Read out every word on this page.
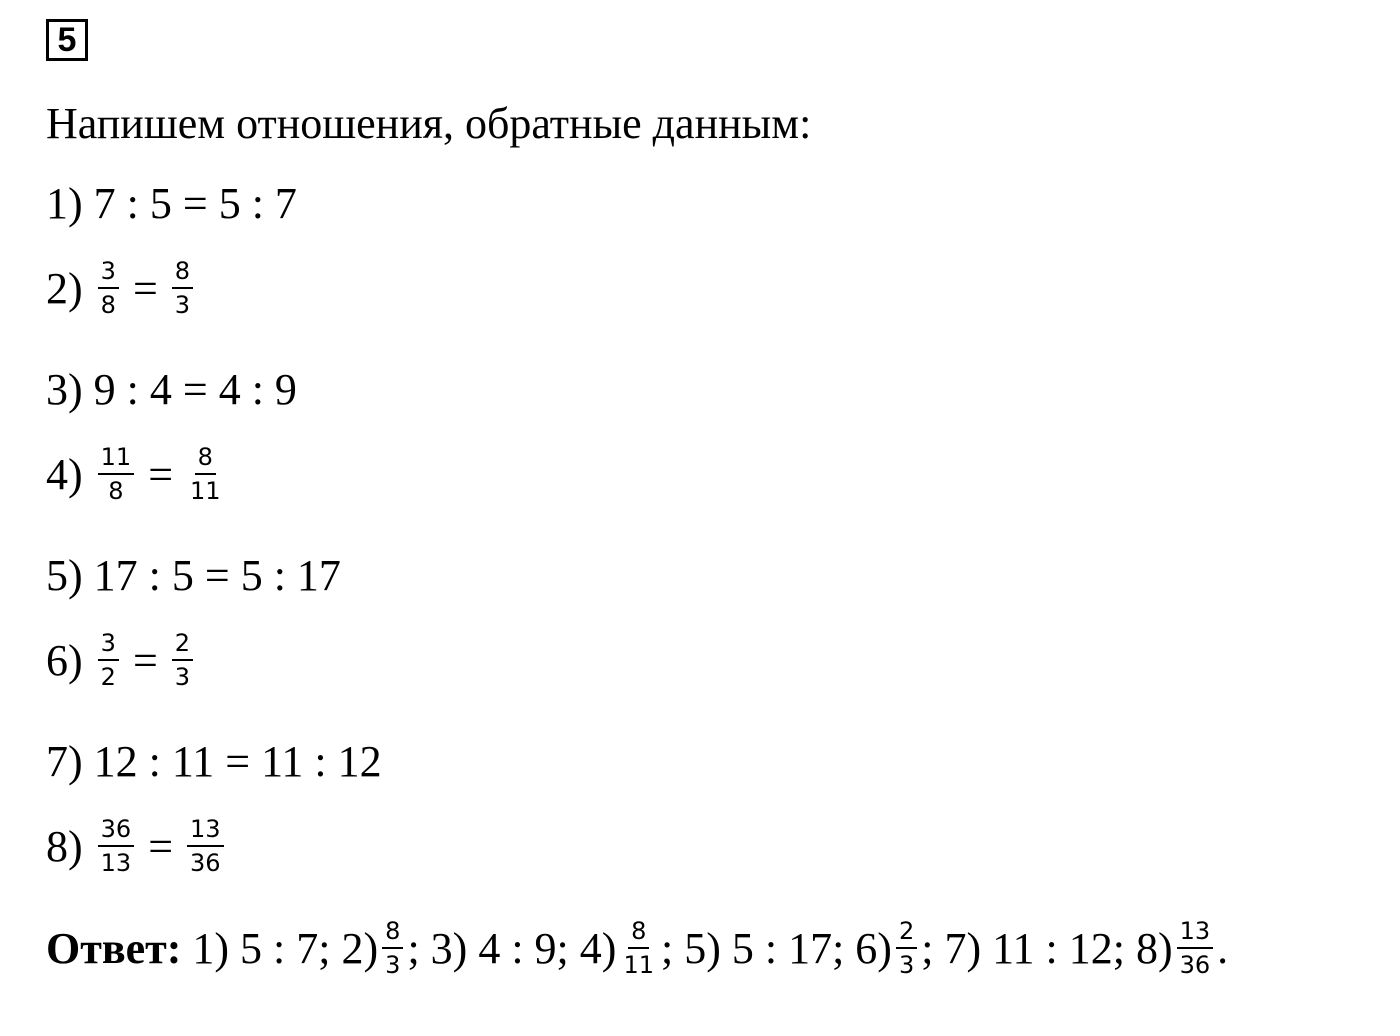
5
Напишем отношения, обратные данным:
1)
7 : 5 = 5 : 7
2)
$\frac{3}{8} = \frac{8}{3}$
3)
9 : 4 = 4 : 9
4)
$\frac{11}{8} = \frac{8}{11}$
5)
17 : 5 = 5 : 17
6)
$\frac{3}{2} = \frac{2}{3}$
7)
12 : 11 = 11 : 12
8)
$\frac{36}{13} = \frac{13}{36}$
Ответ:
1) 5 : 7; $2) \frac{8}{3}$ ; 3) 4 : 9; $4) \frac{8}{11}$ ; 5) 5 : 17; $6) \frac{2}{3}$ ; 7) 11 : 12; $8) \frac{13}{36}$ .
